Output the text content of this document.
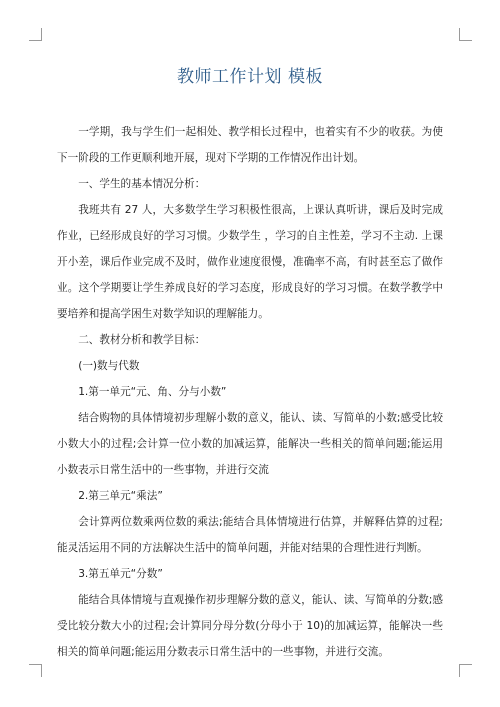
教师工作计划 模板

一学期，我与学生们一起相处、教学相长过程中，也着实有不少的收获。为使下一阶段的工作更顺利地开展，现对下学期的工作情况作出计划。

一、学生的基本情况分析：

我班共有 27 人，大多数学生学习积极性很高，上课认真听讲，课后及时完成作业，已经形成良好的学习习惯。少数学生 ，学习的自主性差，学习不主动. 上课开小差，课后作业完成不及时，做作业速度很慢，准确率不高，有时甚至忘了做作业。这个学期要让学生养成良好的学习态度，形成良好的学习习惯。在数学教学中要培养和提高学困生对数学知识的理解能力。

二、教材分析和教学目标：

(一)数与代数

1.第一单元“元、角、分与小数”

结合购物的具体情境初步理解小数的意义，能认、读、写简单的小数;感受比较小数大小的过程;会计算一位小数的加减运算，能解决一些相关的简单问题;能运用小数表示日常生活中的一些事物，并进行交流

2.第三单元“乘法”

会计算两位数乘两位数的乘法;能结合具体情境进行估算，并解释估算的过程;能灵活运用不同的方法解决生活中的简单问题，并能对结果的合理性进行判断。

3.第五单元“分数”

能结合具体情境与直观操作初步理解分数的意义，能认、读、写简单的分数;感受比较分数大小的过程;会计算同分母分数(分母小于 10)的加减运算，能解决一些相关的简单问题;能运用分数表示日常生活中的一些事物，并进行交流。
